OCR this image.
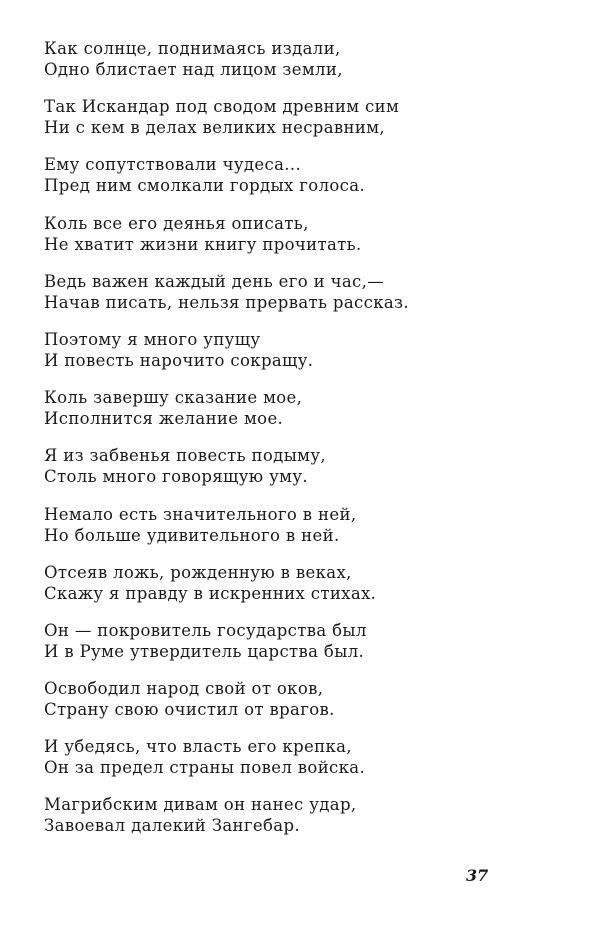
Как солнце, поднимаясь издали,
Одно блистает над лицом земли,
Так Искандар под сводом древним сим
Ни с кем в делах великих несравним,
Ему сопутствовали чудеса...
Пред ним смолкали гордых голоса.
Коль все его деянья описать,
Не хватит жизни книгу прочитать.
Ведь важен каждый день его и час,—
Начав писать, нельзя прервать рассказ.
Поэтому я много упущу
И повесть нарочито сокращу.
Коль завершу сказание мое,
Исполнится желание мое.
Я из забвенья повесть подыму,
Столь много говорящую уму.
Немало есть значительного в ней,
Но больше удивительного в ней.
Отсеяв ложь, рожденную в веках,
Скажу я правду в искренних стихах.
Он — покровитель государства был
И в Руме утвердитель царства был.
Освободил народ свой от оков,
Страну свою очистил от врагов.
И убедясь, что власть его крепка,
Он за предел страны повел войска.
Магрибским дивам он нанес удар,
Завоевал далекий Зангебар.
37
